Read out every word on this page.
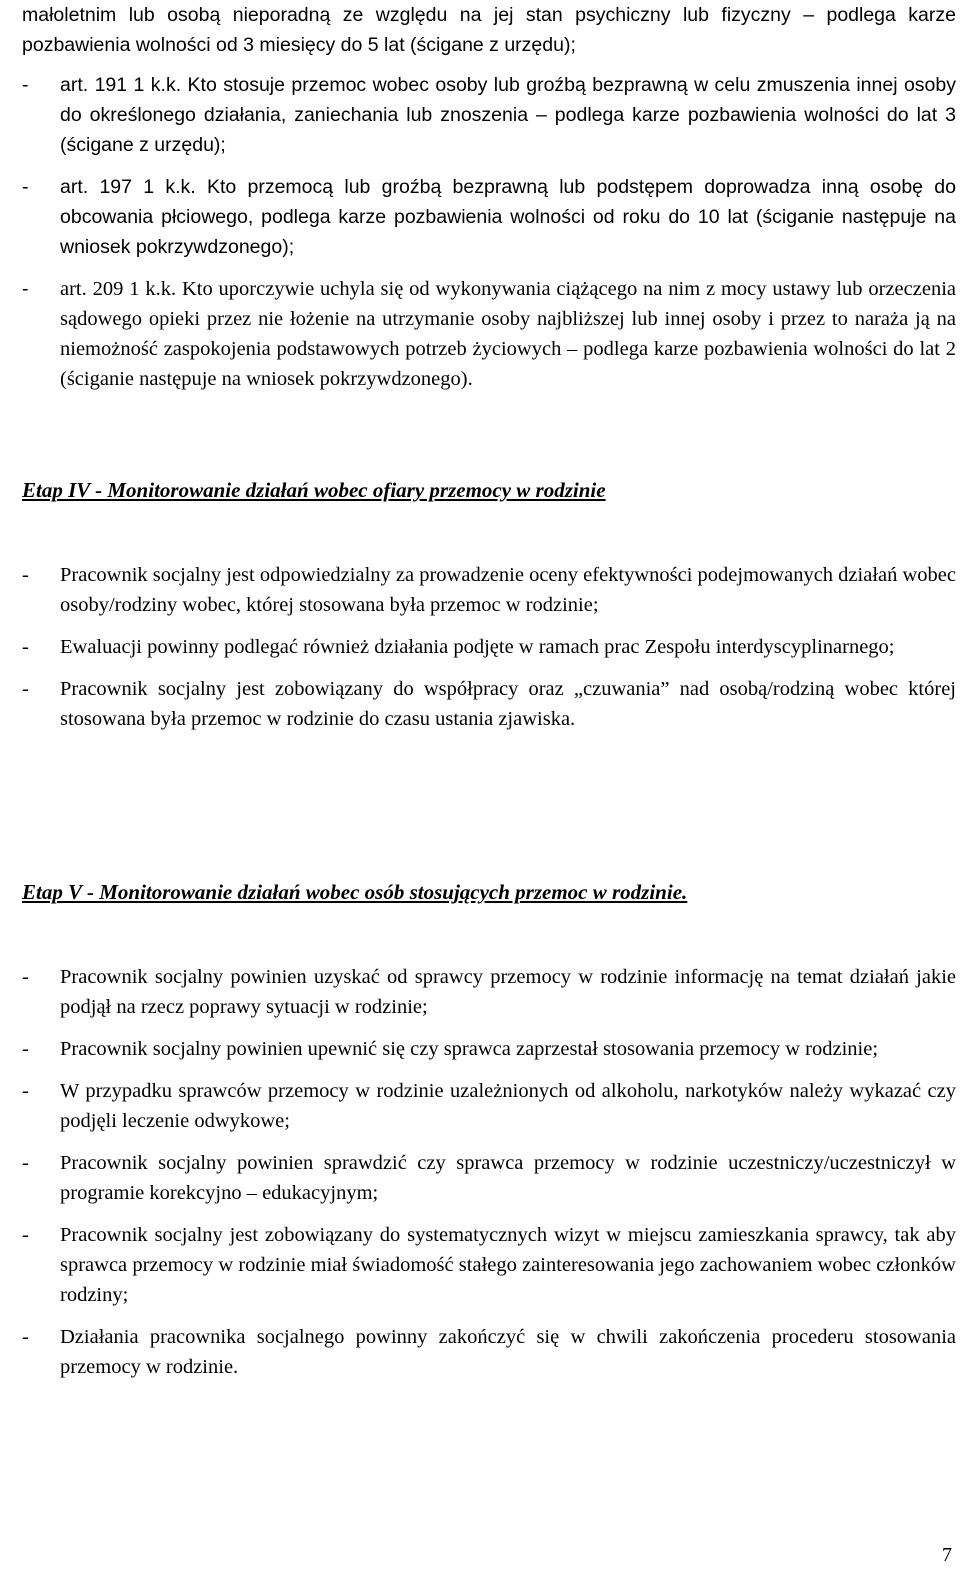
małoletnim lub osobą nieporadną ze względu na jej stan psychiczny lub fizyczny – podlega karze pozbawienia wolności od 3 miesięcy do 5 lat (ścigane z urzędu);

-	art. 191 1 k.k. Kto stosuje przemoc wobec osoby lub groźbą bezprawną w celu zmuszenia innej osoby do określonego działania, zaniechania lub znoszenia – podlega karze pozbawienia wolności do lat 3 (ścigane z urzędu);
-	art. 197 1 k.k. Kto przemocą lub groźbą bezprawną lub podstępem doprowadza inną osobę do obcowania płciowego, podlega karze pozbawienia wolności od roku do 10 lat (ściganie następuje na wniosek pokrzywdzonego);
-	art. 209 1 k.k. Kto uporczywie uchyla się od wykonywania ciążącego na nim z mocy ustawy lub orzeczenia sądowego opieki przez nie łożenie na utrzymanie osoby najbliższej lub innej osoby i przez to naraża ją na niemożność zaspokojenia podstawowych potrzeb życiowych – podlega karze pozbawienia wolności do lat 2 (ściganie następuje na wniosek pokrzywdzonego).

Etap IV - Monitorowanie działań wobec ofiary przemocy w rodzinie

-	Pracownik socjalny jest odpowiedzialny za prowadzenie oceny efektywności podejmowanych działań wobec osoby/rodziny wobec, której stosowana była przemoc w rodzinie;
-	Ewaluacji powinny podlegać również działania podjęte w ramach prac Zespołu interdyscyplinarnego;
-	Pracownik socjalny jest zobowiązany do współpracy oraz „czuwania” nad osobą/rodziną wobec której stosowana była przemoc w rodzinie do czasu ustania zjawiska.

Etap V - Monitorowanie działań wobec osób stosujących przemoc w rodzinie.

-	Pracownik socjalny powinien uzyskać od sprawcy przemocy w rodzinie informację na temat działań jakie podjął na rzecz poprawy sytuacji w rodzinie;
-	Pracownik socjalny powinien upewnić się czy sprawca zaprzestał stosowania przemocy w rodzinie;
-	W przypadku sprawców przemocy w rodzinie uzależnionych od alkoholu, narkotyków należy wykazać czy podjęli leczenie odwykowe;
-	Pracownik socjalny powinien sprawdzić czy sprawca przemocy w rodzinie uczestniczy/uczestniczył w programie korekcyjno – edukacyjnym;
-	Pracownik socjalny jest zobowiązany do systematycznych wizyt w miejscu zamieszkania sprawcy, tak aby sprawca przemocy w rodzinie miał świadomość stałego zainteresowania jego zachowaniem wobec członków rodziny;
-	Działania pracownika socjalnego powinny zakończyć się w chwili zakończenia procederu stosowania przemocy w rodzinie.
7
